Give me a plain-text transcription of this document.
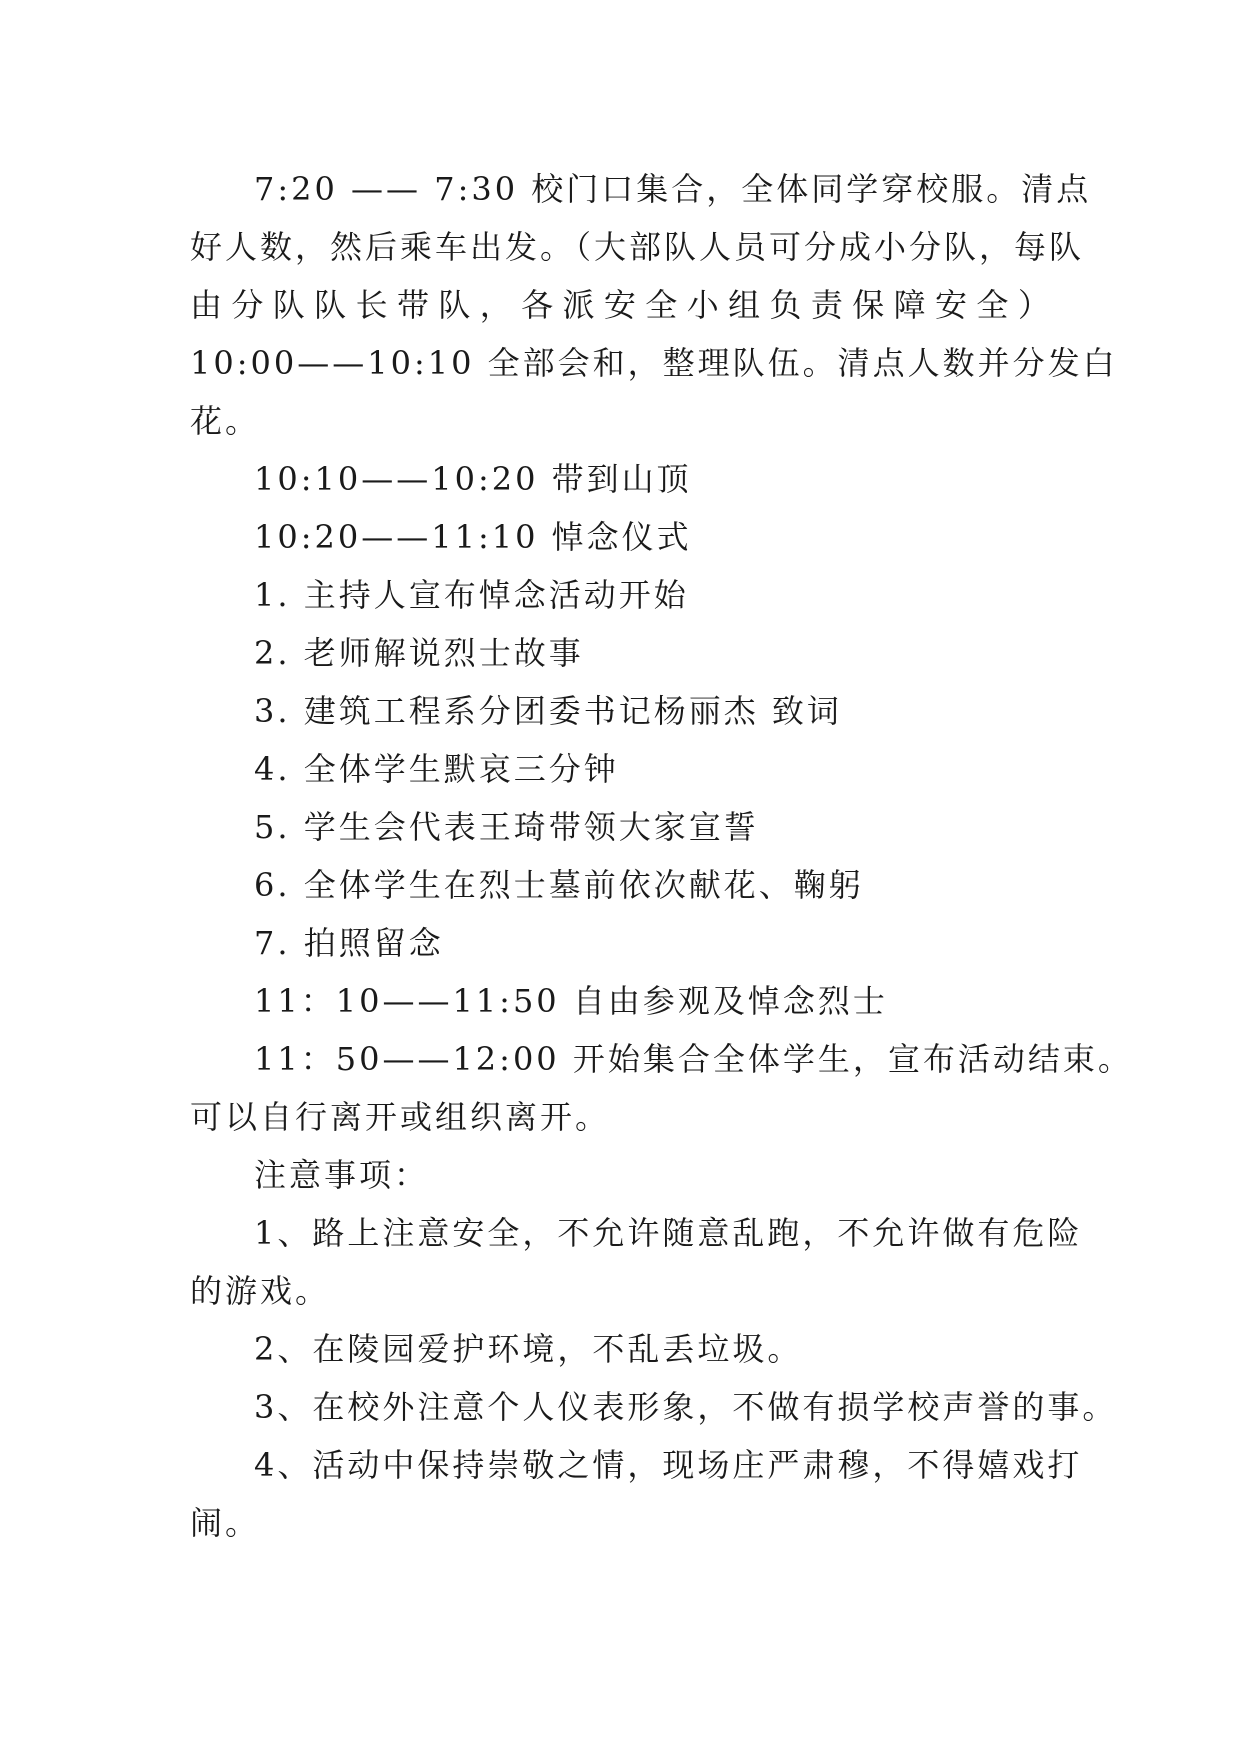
7:20 —— 7:30 校门口集合，全体同学穿校服。清点
好人数，然后乘车出发。（大部队人员可分成小分队，每队
由 分 队 队 长 带 队 ， 各 派 安 全 小 组 负 责 保 障 安 全 ）
10:00——10:10 全部会和，整理队伍。清点人数并分发白
花。
10:10——10:20 带到山顶
10:20——11:10 悼念仪式
1. 主持人宣布悼念活动开始
2. 老师解说烈士故事
3. 建筑工程系分团委书记杨丽杰 致词
4. 全体学生默哀三分钟
5. 学生会代表王琦带领大家宣誓
6. 全体学生在烈士墓前依次献花、鞠躬
7. 拍照留念
11：10——11:50 自由参观及悼念烈士
11：50——12:00 开始集合全体学生，宣布活动结束。
可以自行离开或组织离开。
注意事项：
1、路上注意安全，不允许随意乱跑，不允许做有危险
的游戏。
2、在陵园爱护环境，不乱丢垃圾。
3、在校外注意个人仪表形象，不做有损学校声誉的事。
4、活动中保持崇敬之情，现场庄严肃穆，不得嬉戏打
闹。
